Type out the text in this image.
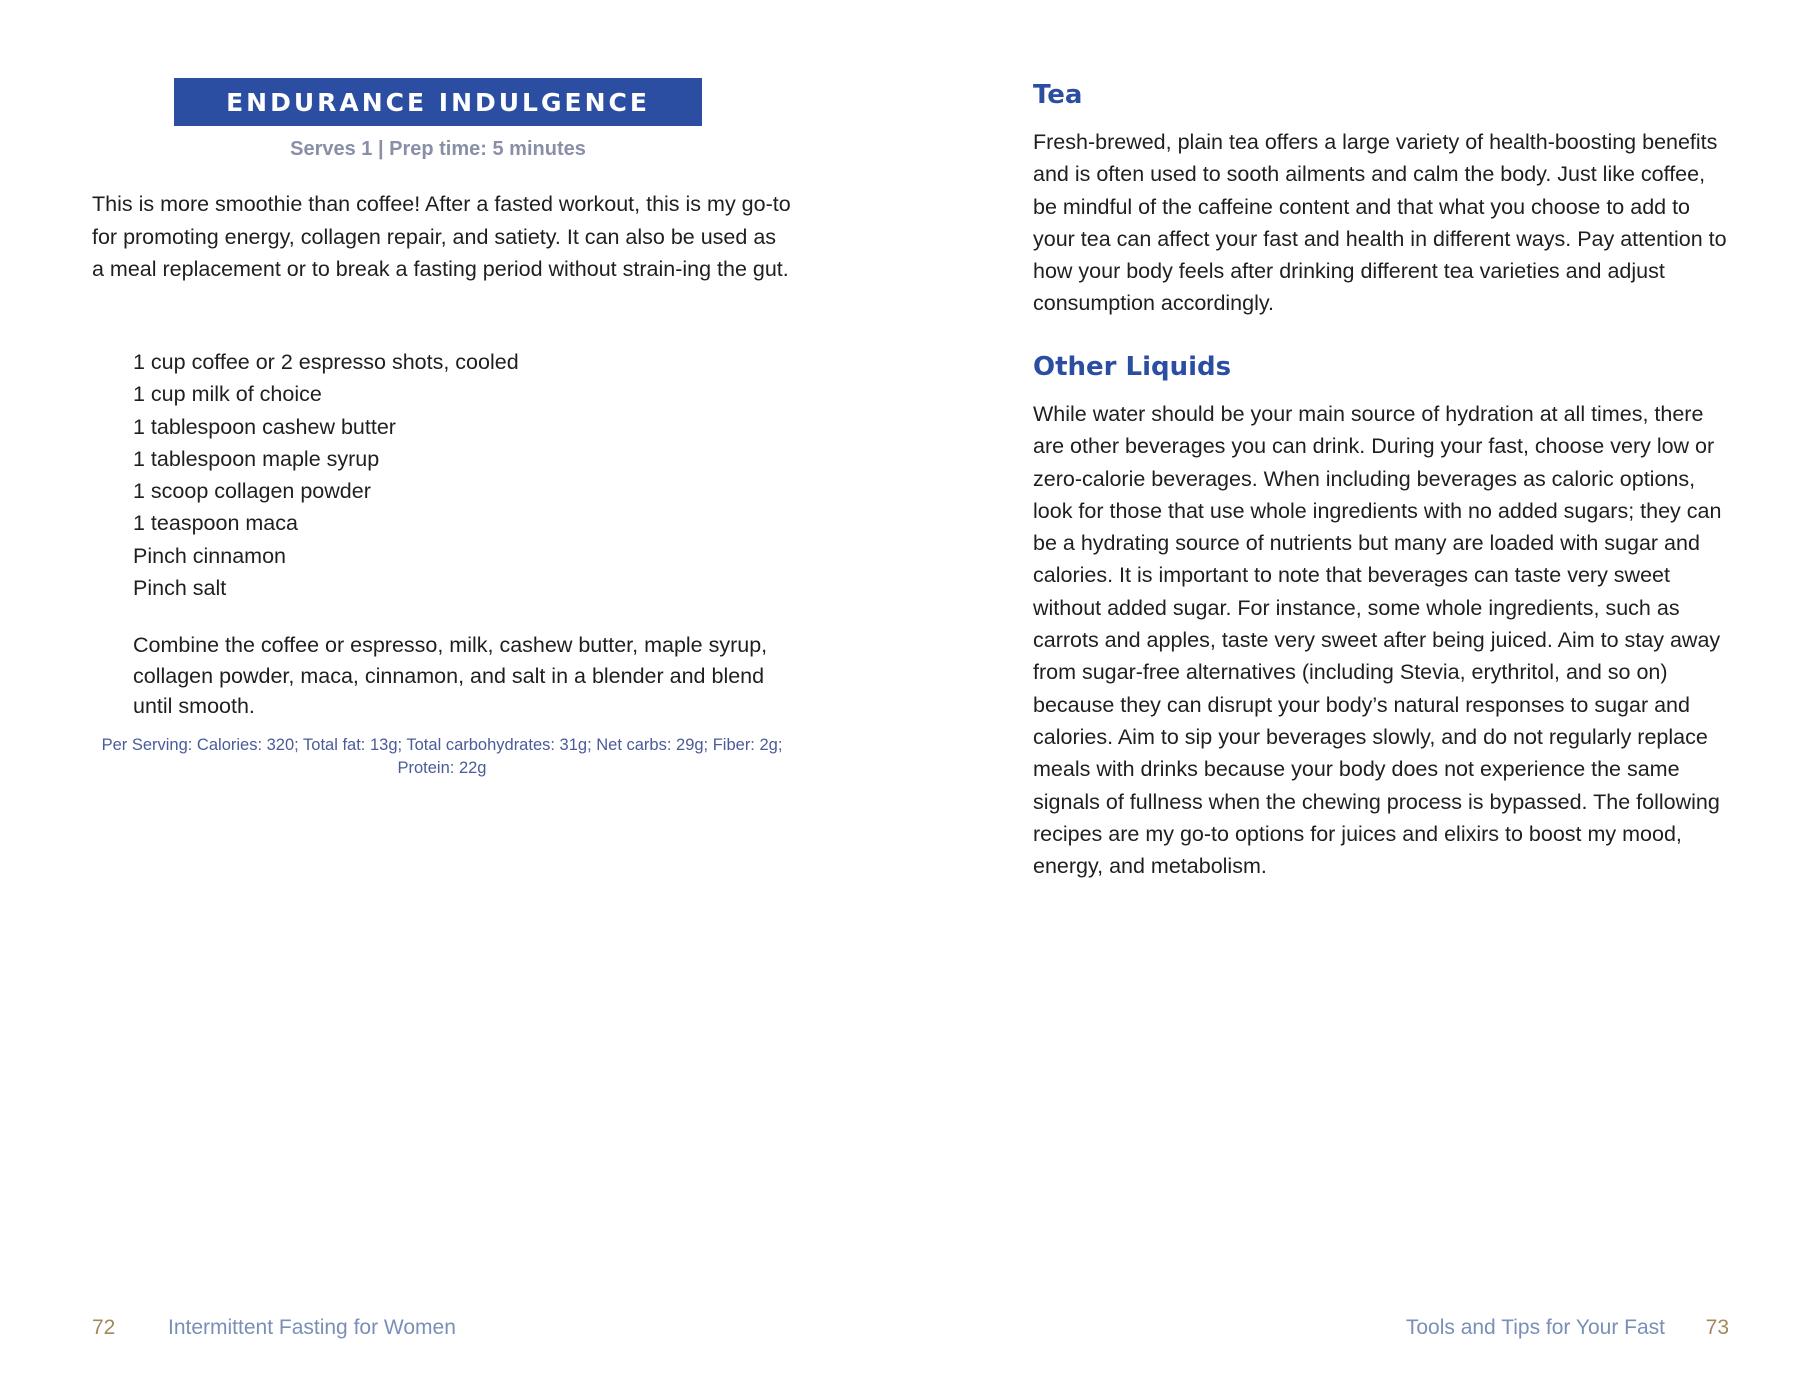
ENDURANCE INDULGENCE
Serves 1 | Prep time: 5 minutes

This is more smoothie than coffee! After a fasted workout, this is my go-to for promoting energy, collagen repair, and satiety. It can also be used as a meal replacement or to break a fasting period without strain-ing the gut.

1 cup coffee or 2 espresso shots, cooled
1 cup milk of choice
1 tablespoon cashew butter
1 tablespoon maple syrup
1 scoop collagen powder
1 teaspoon maca
Pinch cinnamon
Pinch salt

Combine the coffee or espresso, milk, cashew butter, maple syrup, collagen powder, maca, cinnamon, and salt in a blender and blend until smooth.

Per Serving: Calories: 320; Total fat: 13g; Total carbohydrates: 31g; Net carbs: 29g; Fiber: 2g; Protein: 22g

72	Intermittent Fasting for Women
Tea

Fresh-brewed, plain tea offers a large variety of health-boosting benefits and is often used to sooth ailments and calm the body. Just like coffee, be mindful of the caffeine content and that what you choose to add to your tea can affect your fast and health in different ways. Pay attention to how your body feels after drinking different tea varieties and adjust consumption accordingly.

Other Liquids

While water should be your main source of hydration at all times, there are other beverages you can drink. During your fast, choose very low or zero-calorie beverages. When including beverages as caloric options, look for those that use whole ingredients with no added sugars; they can be a hydrating source of nutrients but many are loaded with sugar and calories. It is important to note that beverages can taste very sweet without added sugar. For instance, some whole ingredients, such as carrots and apples, taste very sweet after being juiced. Aim to stay away from sugar-free alternatives (including Stevia, erythritol, and so on) because they can disrupt your body’s natural responses to sugar and calories. Aim to sip your beverages slowly, and do not regularly replace meals with drinks because your body does not experience the same signals of fullness when the chewing process is bypassed. The following recipes are my go-to options for juices and elixirs to boost my mood, energy, and metabolism.

Tools and Tips for Your Fast 73
